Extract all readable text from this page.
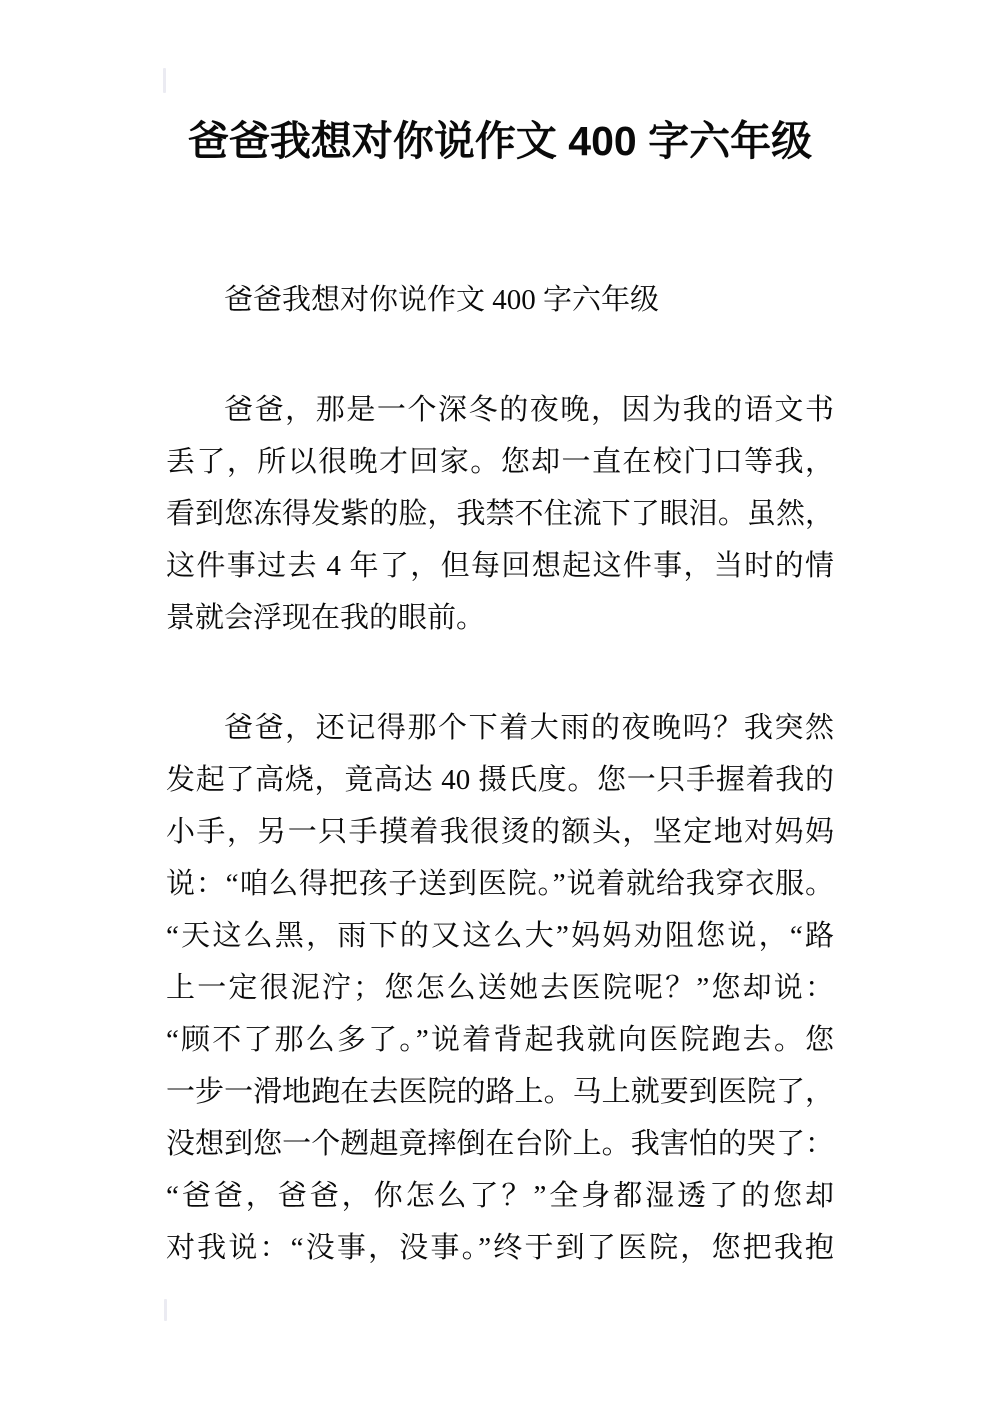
爸爸我想对你说作文 400 字六年级
爸爸我想对你说作文 400 字六年级
爸爸，那是一个深冬的夜晚，因为我的语文书
丢了，所以很晚才回家。您却一直在校门口等我，
看到您冻得发紫的脸，我禁不住流下了眼泪。虽然，
这件事过去 4 年了，但每回想起这件事，当时的情
景就会浮现在我的眼前。
爸爸，还记得那个下着大雨的夜晚吗？我突然
发起了高烧，竟高达 40 摄氏度。您一只手握着我的
小手，另一只手摸着我很烫的额头，坚定地对妈妈
说：“咱么得把孩子送到医院。”说着就给我穿衣服。
“天这么黑，雨下的又这么大”妈妈劝阻您说，“路
上一定很泥泞；您怎么送她去医院呢？”您却说：
“顾不了那么多了。”说着背起我就向医院跑去。您
一步一滑地跑在去医院的路上。马上就要到医院了，
没想到您一个趔趄竟摔倒在台阶上。我害怕的哭了：
“爸爸，爸爸，你怎么了？”全身都湿透了的您却
对我说：“没事，没事。”终于到了医院，您把我抱
